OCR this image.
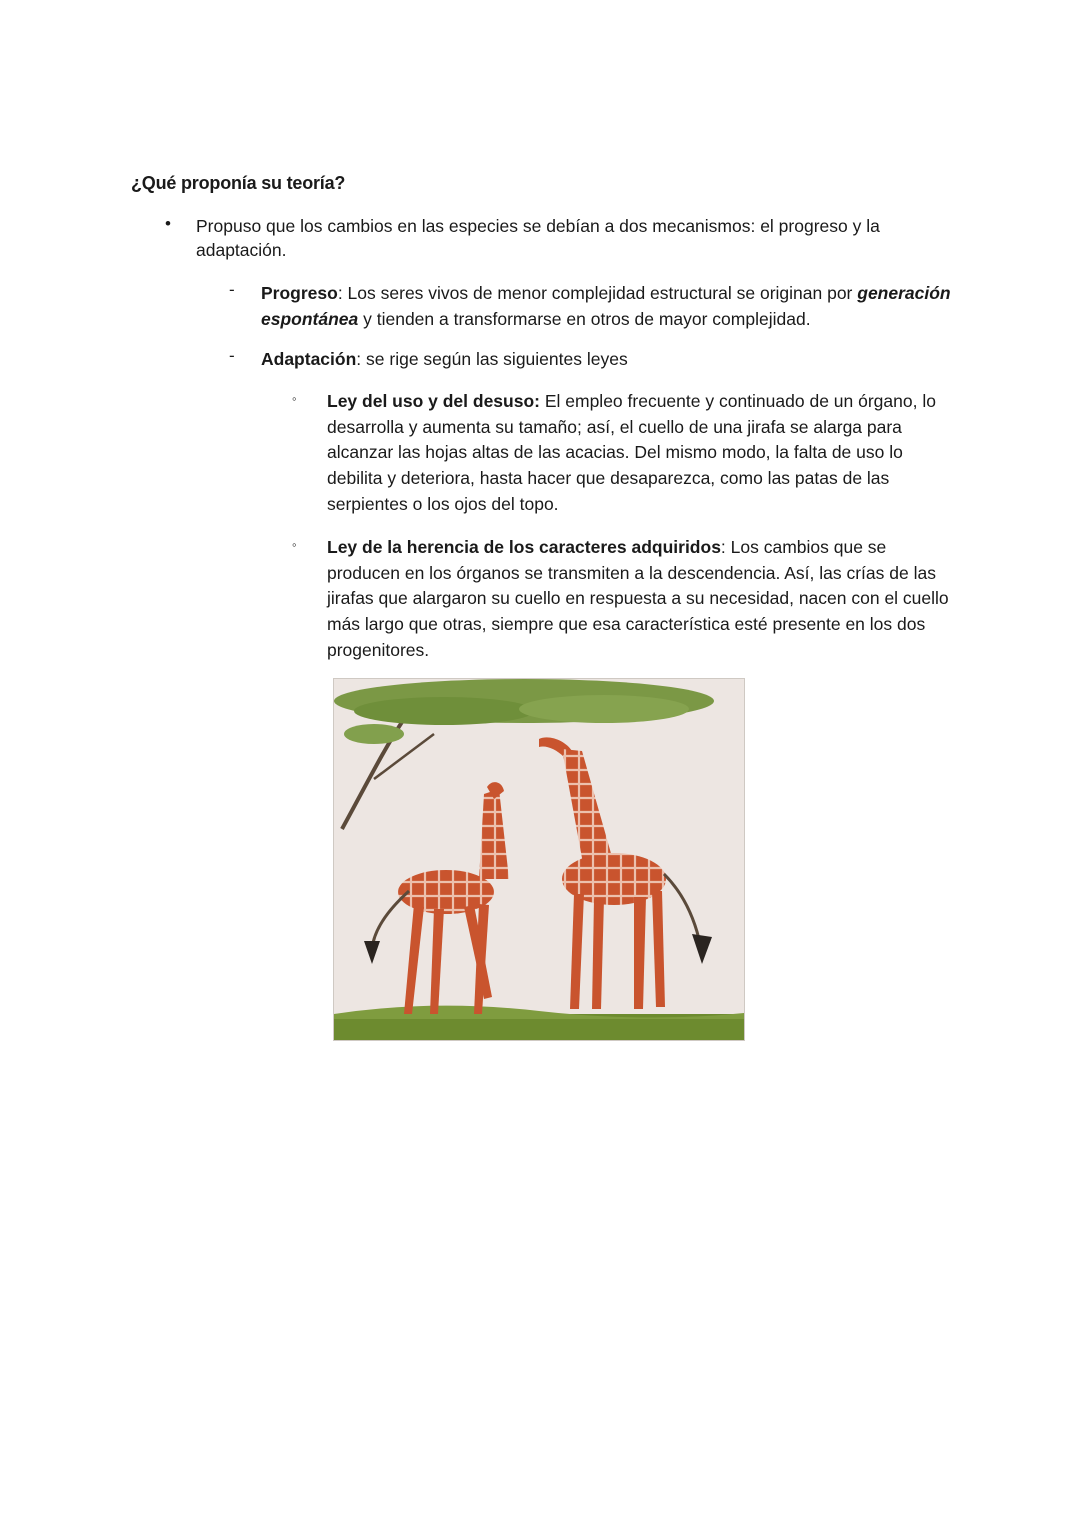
¿Qué proponía su teoría?
• Propuso que los cambios en las especies se debían a dos mecanismos: el progreso y la adaptación.
- Progreso: Los seres vivos de menor complejidad estructural se originan por generación espontánea y tienden a transformarse en otros de mayor complejidad.
- Adaptación: se rige según las siguientes leyes
◦ Ley del uso y del desuso: El empleo frecuente y continuado de un órgano, lo desarrolla y aumenta su tamaño; así, el cuello de una jirafa se alarga para alcanzar las hojas altas de las acacias. Del mismo modo, la falta de uso lo debilita y deteriora, hasta hacer que desaparezca, como las patas de las serpientes o los ojos del topo.
◦ Ley de la herencia de los caracteres adquiridos: Los cambios que se producen en los órganos se transmiten a la descendencia. Así, las crías de las jirafas que alargaron su cuello en respuesta a su necesidad, nacen con el cuello más largo que otras, siempre que esa característica esté presente en los dos progenitores.
